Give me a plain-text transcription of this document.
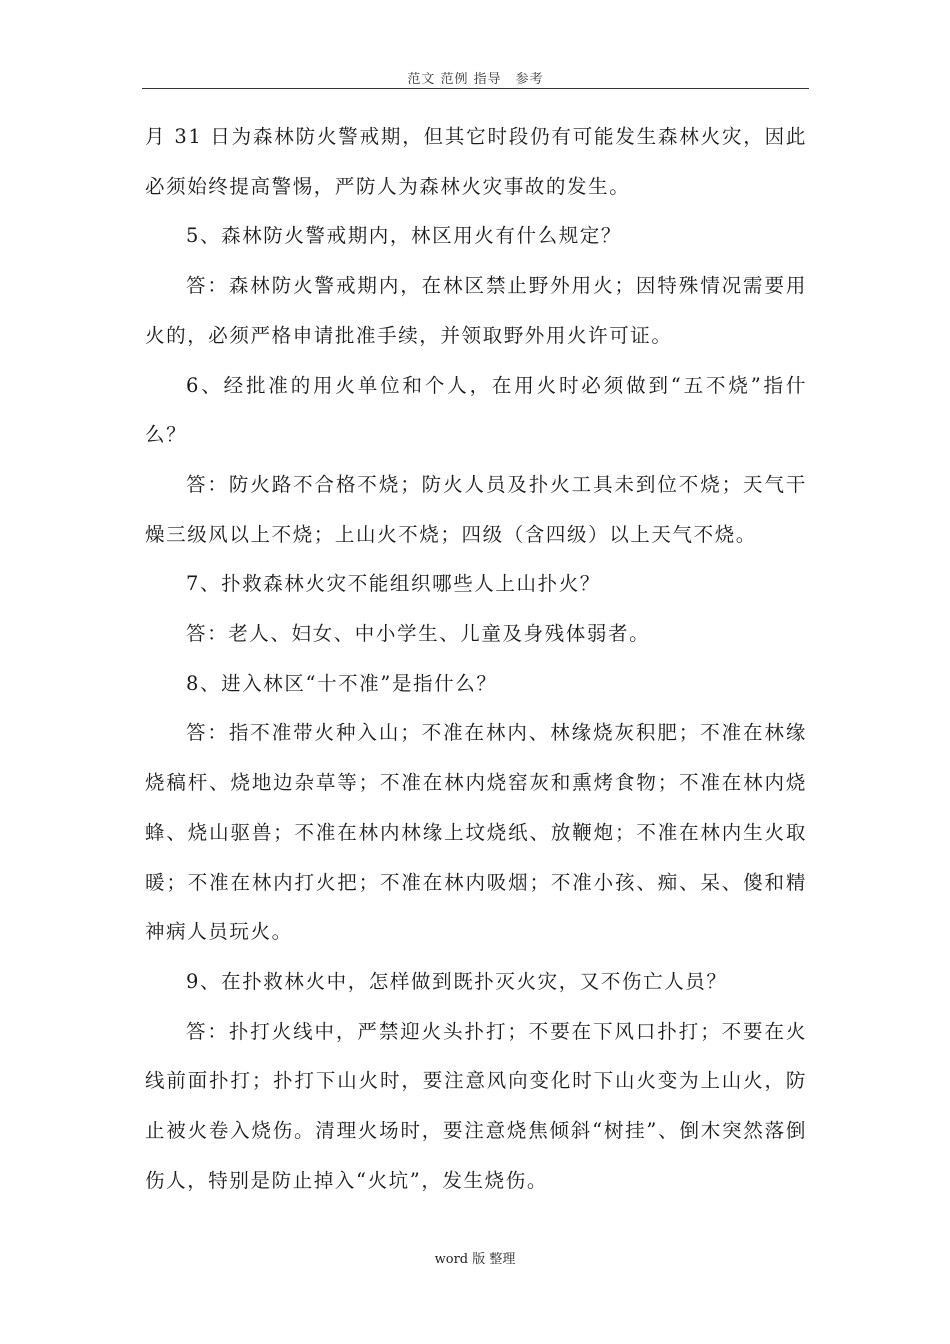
范文 范例 指导　参考

月 31 日为森林防火警戒期，但其它时段仍有可能发生森林火灾，因此必须始终提高警惕，严防人为森林火灾事故的发生。

5、森林防火警戒期内，林区用火有什么规定？

答：森林防火警戒期内，在林区禁止野外用火；因特殊情况需要用火的，必须严格申请批准手续，并领取野外用火许可证。

6、经批准的用火单位和个人，在用火时必须做到“五不烧”指什么？

答：防火路不合格不烧；防火人员及扑火工具未到位不烧；天气干燥三级风以上不烧；上山火不烧；四级（含四级）以上天气不烧。

7、扑救森林火灾不能组织哪些人上山扑火？

答：老人、妇女、中小学生、儿童及身残体弱者。

8、进入林区“十不准”是指什么？

答：指不准带火种入山；不准在林内、林缘烧灰积肥；不准在林缘烧稿杆、烧地边杂草等；不准在林内烧窑灰和熏烤食物；不准在林内烧蜂、烧山驱兽；不准在林内林缘上坟烧纸、放鞭炮；不准在林内生火取暖；不准在林内打火把；不准在林内吸烟；不准小孩、痴、呆、傻和精神病人员玩火。

9、在扑救林火中，怎样做到既扑灭火灾，又不伤亡人员？

答：扑打火线中，严禁迎火头扑打；不要在下风口扑打；不要在火线前面扑打；扑打下山火时，要注意风向变化时下山火变为上山火，防止被火卷入烧伤。清理火场时，要注意烧焦倾斜“树挂”、倒木突然落倒伤人，特别是防止掉入“火坑”，发生烧伤。

word 版 整理
